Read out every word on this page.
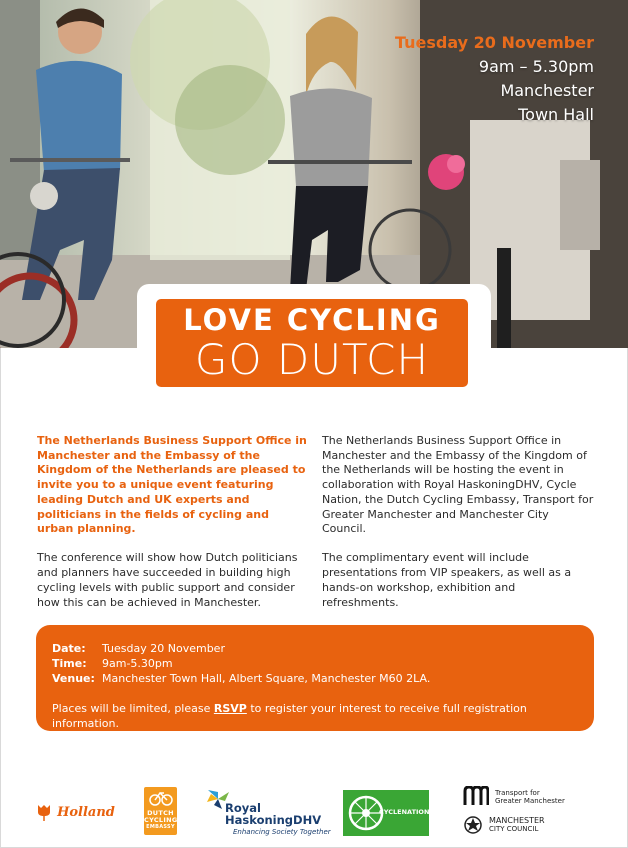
Tuesday 20 November
9am – 5.30pm
Manchester
Town Hall
LOVE CYCLING
GO DUTCH

The Netherlands Business Support Office in Manchester and the Embassy of the Kingdom of the Netherlands are pleased to invite you to a unique event featuring leading Dutch and UK experts and politicians in the fields of cycling and urban planning.

The conference will show how Dutch politicians and planners have succeeded in building high cycling levels with public support and consider how this can be achieved in Manchester.

The Netherlands Business Support Office in Manchester and the Embassy of the Kingdom of the Netherlands will be hosting the event in collaboration with Royal HaskoningDHV, Cycle Nation, the Dutch Cycling Embassy, Transport for Greater Manchester and Manchester City Council.

The complimentary event will include presentations from VIP speakers, as well as a hands-on workshop, exhibition and refreshments.

Date: Tuesday 20 November
Time: 9am-5.30pm
Venue: Manchester Town Hall, Albert Square, Manchester M60 2LA.
Places will be limited, please RSVP to register your interest to receive full registration information.
Holland	DUTCH
CYCLING
EMBASSY
Royal
HaskoningDHV
Enhancing Society Together
CYCLENATION
Transport for
Greater Manchester
MANCHESTER
CITY COUNCIL
